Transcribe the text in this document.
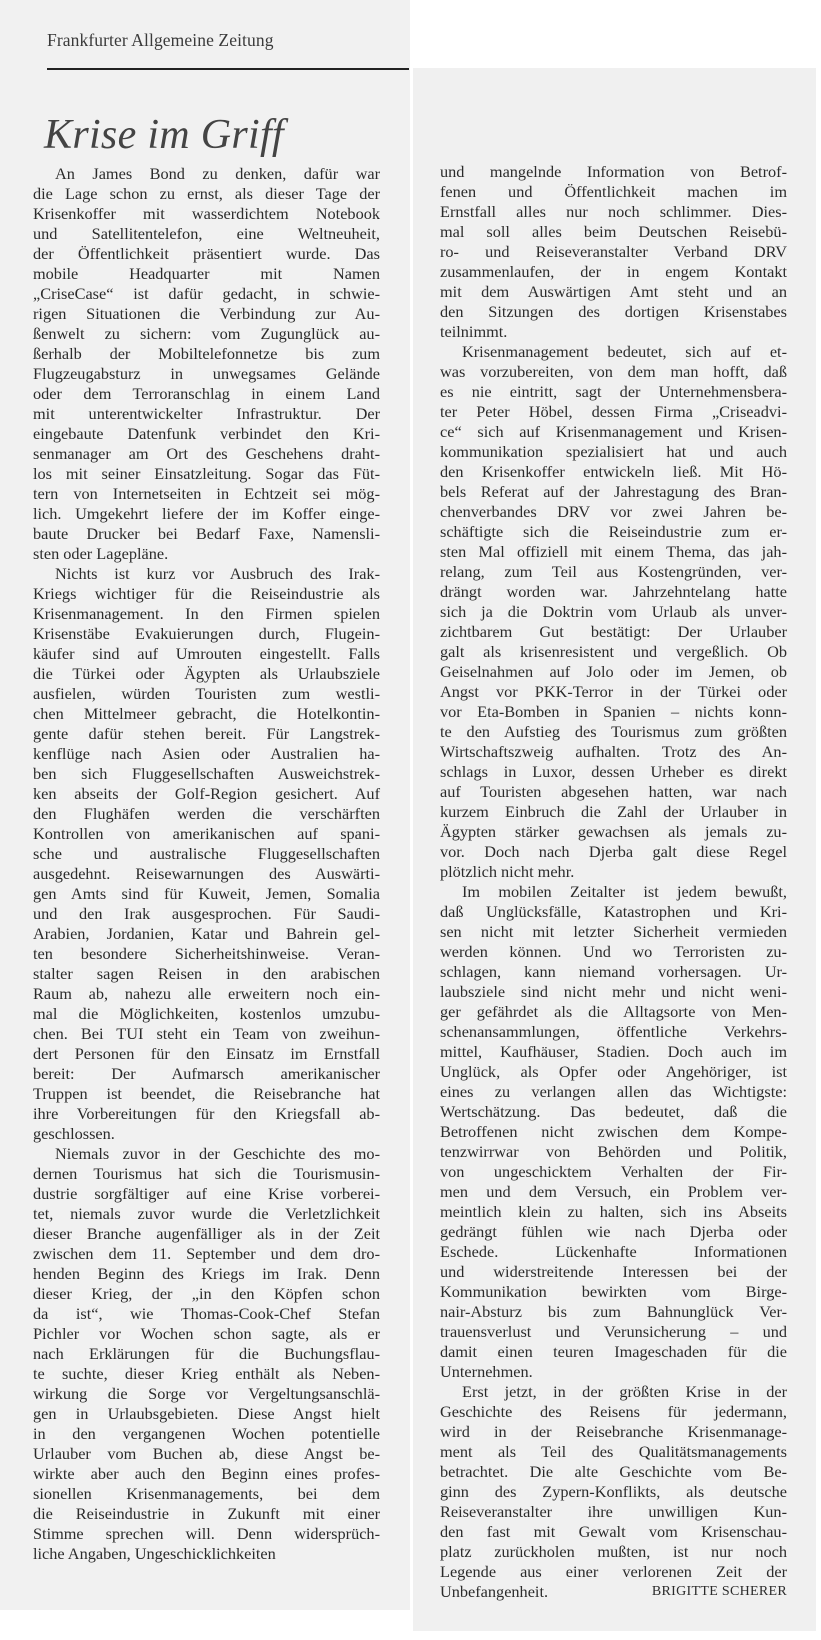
Frankfurter Allgemeine Zeitung
Krise im Griff
An James Bond zu denken, dafür war
die Lage schon zu ernst, als dieser Tage der
Krisenkoffer mit wasserdichtem Notebook
und Satellitentelefon, eine Weltneuheit,
der Öffentlichkeit präsentiert wurde. Das
mobile Headquarter mit Namen
„CriseCase“ ist dafür gedacht, in schwie-
rigen Situationen die Verbindung zur Au-
ßenwelt zu sichern: vom Zugunglück au-
ßerhalb der Mobiltelefonnetze bis zum
Flugzeugabsturz in unwegsames Gelände
oder dem Terroranschlag in einem Land
mit unterentwickelter Infrastruktur. Der
eingebaute Datenfunk verbindet den Kri-
senmanager am Ort des Geschehens draht-
los mit seiner Einsatzleitung. Sogar das Füt-
tern von Internetseiten in Echtzeit sei mög-
lich. Umgekehrt liefere der im Koffer einge-
baute Drucker bei Bedarf Faxe, Namensli-
sten oder Lagepläne.
Nichts ist kurz vor Ausbruch des Irak-
Kriegs wichtiger für die Reiseindustrie als
Krisenmanagement. In den Firmen spielen
Krisenstäbe Evakuierungen durch, Flugein-
käufer sind auf Umrouten eingestellt. Falls
die Türkei oder Ägypten als Urlaubsziele
ausfielen, würden Touristen zum westli-
chen Mittelmeer gebracht, die Hotelkontin-
gente dafür stehen bereit. Für Langstrek-
kenflüge nach Asien oder Australien ha-
ben sich Fluggesellschaften Ausweichstrek-
ken abseits der Golf-Region gesichert. Auf
den Flughäfen werden die verschärften
Kontrollen von amerikanischen auf spani-
sche und australische Fluggesellschaften
ausgedehnt. Reisewarnungen des Auswärti-
gen Amts sind für Kuweit, Jemen, Somalia
und den Irak ausgesprochen. Für Saudi-
Arabien, Jordanien, Katar und Bahrein gel-
ten besondere Sicherheitshinweise. Veran-
stalter sagen Reisen in den arabischen
Raum ab, nahezu alle erweitern noch ein-
mal die Möglichkeiten, kostenlos umzubu-
chen. Bei TUI steht ein Team von zweihun-
dert Personen für den Einsatz im Ernstfall
bereit: Der Aufmarsch amerikanischer
Truppen ist beendet, die Reisebranche hat
ihre Vorbereitungen für den Kriegsfall ab-
geschlossen.
Niemals zuvor in der Geschichte des mo-
dernen Tourismus hat sich die Tourismusin-
dustrie sorgfältiger auf eine Krise vorberei-
tet, niemals zuvor wurde die Verletzlichkeit
dieser Branche augenfälliger als in der Zeit
zwischen dem 11. September und dem dro-
henden Beginn des Kriegs im Irak. Denn
dieser Krieg, der „in den Köpfen schon
da ist“, wie Thomas-Cook-Chef Stefan
Pichler vor Wochen schon sagte, als er
nach Erklärungen für die Buchungsflau-
te suchte, dieser Krieg enthält als Neben-
wirkung die Sorge vor Vergeltungsanschlä-
gen in Urlaubsgebieten. Diese Angst hielt
in den vergangenen Wochen potentielle
Urlauber vom Buchen ab, diese Angst be-
wirkte aber auch den Beginn eines profes-
sionellen Krisenmanagements, bei dem
die Reiseindustrie in Zukunft mit einer
Stimme sprechen will. Denn widersprüch-
liche Angaben, Ungeschicklichkeiten
und mangelnde Information von Betrof-
fenen und Öffentlichkeit machen im
Ernstfall alles nur noch schlimmer. Dies-
mal soll alles beim Deutschen Reisebü-
ro- und Reiseveranstalter Verband DRV
zusammenlaufen, der in engem Kontakt
mit dem Auswärtigen Amt steht und an
den Sitzungen des dortigen Krisenstabes
teilnimmt.
Krisenmanagement bedeutet, sich auf et-
was vorzubereiten, von dem man hofft, daß
es nie eintritt, sagt der Unternehmensbera-
ter Peter Höbel, dessen Firma „Criseadvi-
ce“ sich auf Krisenmanagement und Krisen-
kommunikation spezialisiert hat und auch
den Krisenkoffer entwickeln ließ. Mit Hö-
bels Referat auf der Jahrestagung des Bran-
chenverbandes DRV vor zwei Jahren be-
schäftigte sich die Reiseindustrie zum er-
sten Mal offiziell mit einem Thema, das jah-
relang, zum Teil aus Kostengründen, ver-
drängt worden war. Jahrzehntelang hatte
sich ja die Doktrin vom Urlaub als unver-
zichtbarem Gut bestätigt: Der Urlauber
galt als krisenresistent und vergeßlich. Ob
Geiselnahmen auf Jolo oder im Jemen, ob
Angst vor PKK-Terror in der Türkei oder
vor Eta-Bomben in Spanien – nichts konn-
te den Aufstieg des Tourismus zum größten
Wirtschaftszweig aufhalten. Trotz des An-
schlags in Luxor, dessen Urheber es direkt
auf Touristen abgesehen hatten, war nach
kurzem Einbruch die Zahl der Urlauber in
Ägypten stärker gewachsen als jemals zu-
vor. Doch nach Djerba galt diese Regel
plötzlich nicht mehr.
Im mobilen Zeitalter ist jedem bewußt,
daß Unglücksfälle, Katastrophen und Kri-
sen nicht mit letzter Sicherheit vermieden
werden können. Und wo Terroristen zu-
schlagen, kann niemand vorhersagen. Ur-
laubsziele sind nicht mehr und nicht weni-
ger gefährdet als die Alltagsorte von Men-
schenansammlungen, öffentliche Verkehrs-
mittel, Kaufhäuser, Stadien. Doch auch im
Unglück, als Opfer oder Angehöriger, ist
eines zu verlangen allen das Wichtigste:
Wertschätzung. Das bedeutet, daß die
Betroffenen nicht zwischen dem Kompe-
tenzwirrwar von Behörden und Politik,
von ungeschicktem Verhalten der Fir-
men und dem Versuch, ein Problem ver-
meintlich klein zu halten, sich ins Abseits
gedrängt fühlen wie nach Djerba oder
Eschede. Lückenhafte Informationen
und widerstreitende Interessen bei der
Kommunikation bewirkten vom Birge-
nair-Absturz bis zum Bahnunglück Ver-
trauensverlust und Verunsicherung – und
damit einen teuren Imageschaden für die
Unternehmen.
Erst jetzt, in der größten Krise in der
Geschichte des Reisens für jedermann,
wird in der Reisebranche Krisenmanage-
ment als Teil des Qualitätsmanagements
betrachtet. Die alte Geschichte vom Be-
ginn des Zypern-Konflikts, als deutsche
Reiseveranstalter ihre unwilligen Kun-
den fast mit Gewalt vom Krisenschau-
platz zurückholen mußten, ist nur noch
Legende aus einer verlorenen Zeit der
Unbefangenheit.	BRIGITTE SCHERER
